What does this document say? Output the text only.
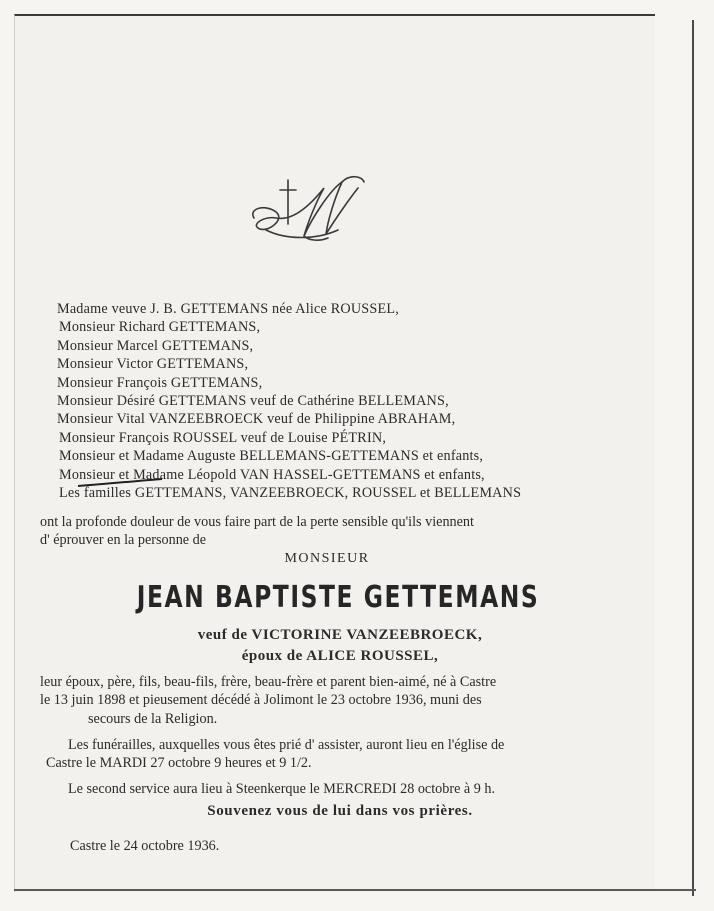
Madame veuve J. B. GETTEMANS née Alice ROUSSEL,
Monsieur Richard GETTEMANS,
Monsieur Marcel GETTEMANS,
Monsieur Victor GETTEMANS,
Monsieur François GETTEMANS,
Monsieur Désiré GETTEMANS veuf de Cathérine BELLEMANS,
Monsieur Vital VANZEEBROECK veuf de Philippine ABRAHAM,
Monsieur François ROUSSEL veuf de Louise PÉTRIN,
Monsieur et Madame Auguste BELLEMANS-GETTEMANS et enfants,
Monsieur et Madame Léopold VAN HASSEL-GETTEMANS et enfants,
Les familles GETTEMANS, VANZEEBROECK, ROUSSEL et BELLEMANS
ont la profonde douleur de vous faire part de la perte sensible qu'ils viennent
d' éprouver en la personne de
MONSIEUR
JEAN BAPTISTE GETTEMANS
veuf de VICTORINE VANZEEBROECK,
époux de ALICE ROUSSEL,
leur époux, père, fils, beau-fils, frère, beau-frère et parent bien-aimé, né à Castre
le 13 juin 1898 et pieusement décédé à Jolimont le 23 octobre 1936, muni des
secours de la Religion.
Les funérailles, auxquelles vous êtes prié d' assister, auront lieu en l'église de
Castre le MARDI 27 octobre 9 heures et 9 1/2.
Le second service aura lieu à Steenkerque le MERCREDI 28 octobre à 9 h.
Souvenez vous de lui dans vos prières.
Castre le 24 octobre 1936.
